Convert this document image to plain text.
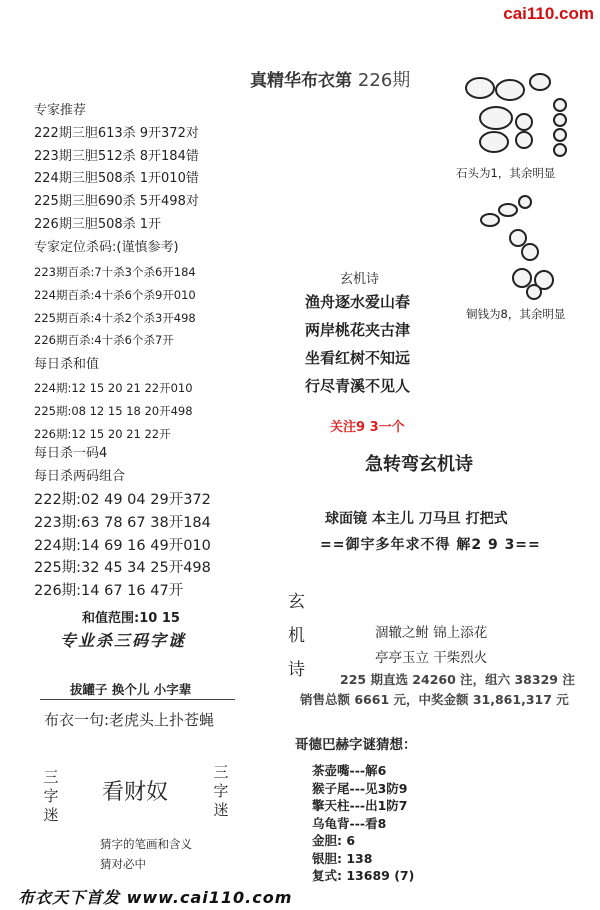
cai110.com
真精华布衣第 226期
专家推荐
222期三胆613杀 9开372对
223期三胆512杀 8开184错
224期三胆508杀 1开010错
225期三胆690杀 5开498对
226期三胆508杀 1开
专家定位杀码:(谨慎参考)
223期百杀:7十杀3个杀6开184
224期百杀:4十杀6个杀9开010
225期百杀:4十杀2个杀3开498
226期百杀:4十杀6个杀7开
每日杀和值
224期:12 15 20 21 22开010
225期:08 12 15 18 20开498
226期:12 15 20 21 22开
每日杀一码4
每日杀两码组合
222期:02 49 04 29开372
223期:63 78 67 38开184
224期:14 69 16 49开010
225期:32 45 34 25开498
226期:14 67 16 47开
和值范围:10 15
专业杀三码字谜
拔罐子 换个儿 小字辈
布衣一句:老虎头上扑苍蝇
三字迷
看财奴
三字迷
猜字的笔画和含义
猜对必中
石头为1，其余明显
铜钱为8，其余明显
玄机诗
渔舟逐水爱山春
两岸桃花夹古津
坐看红树不知远
行尽青溪不见人
关注9 3一个
急转弯玄机诗
球面镜 本主儿 刀马旦 打把式
==御宇多年求不得 解2 9 3==
玄
机
诗
涸辙之鲋 锦上添花
亭亭玉立 干柴烈火
225 期直选 24260 注，组六 38329 注
销售总额 6661 元，中奖金额 31,861,317 元
哥德巴赫字谜猜想：
茶壶嘴---解6
猴子尾---见3防9
擎天柱---出1防7
乌龟背---看8
金胆: 6
银胆: 138
复式: 13689 (7)
布衣天下首发 www.cai110.com
